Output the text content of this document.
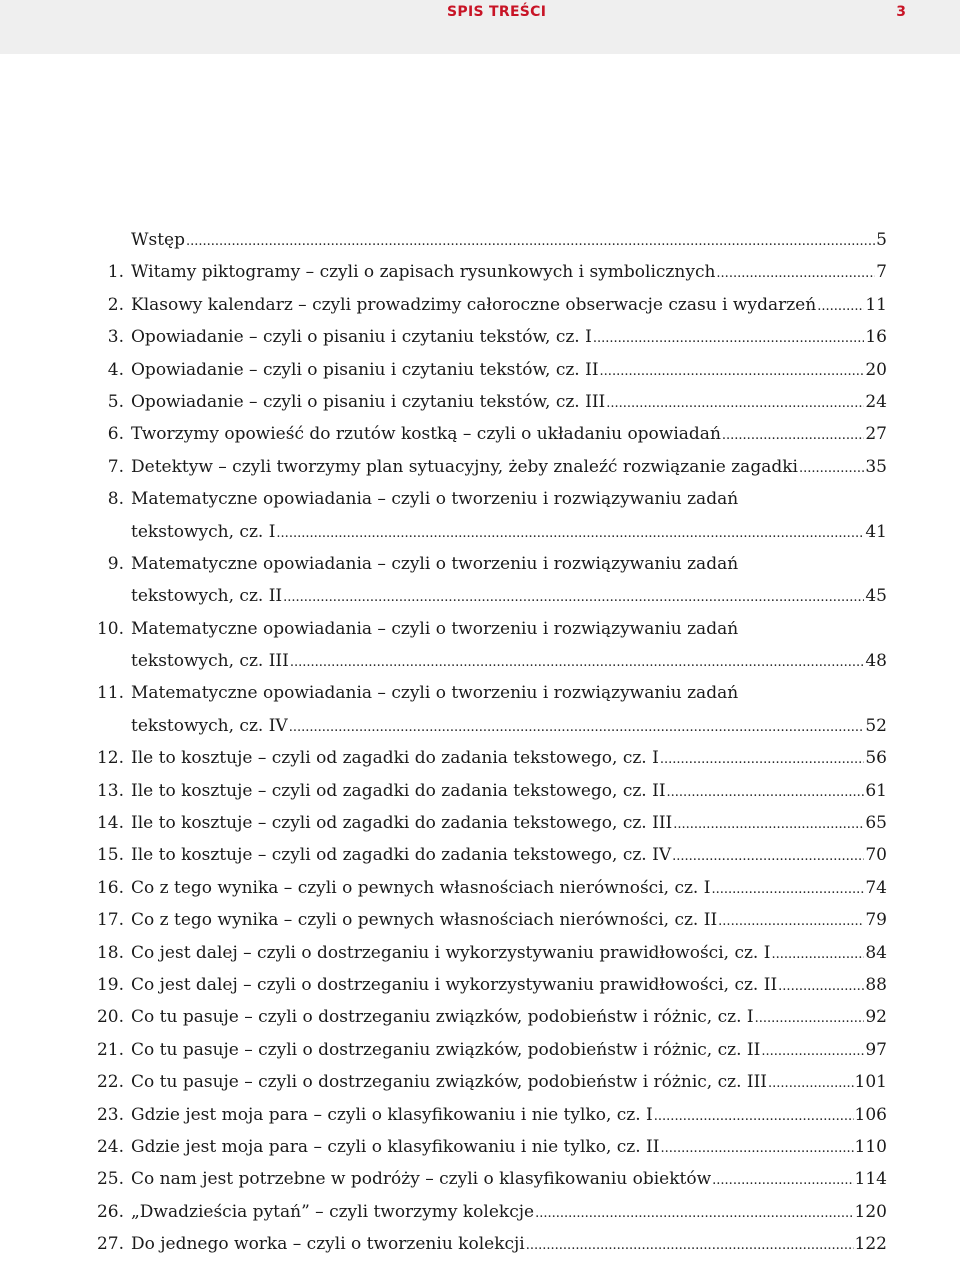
SPIS TREŚCI	3
Wstęp .....	5
1. Witamy piktogramy – czyli o zapisach rysunkowych i symbolicznych .....	7
2. Klasowy kalendarz – czyli prowadzimy całoroczne obserwacje czasu i wydarzeń .....	11
3. Opowiadanie – czyli o pisaniu i czytaniu tekstów, cz. I .....	16
4. Opowiadanie – czyli o pisaniu i czytaniu tekstów, cz. II .....	20
5. Opowiadanie – czyli o pisaniu i czytaniu tekstów, cz. III .....	24
6. Tworzymy opowieść do rzutów kostką – czyli o układaniu opowiadań .....	27
7. Detektyw – czyli tworzymy plan sytuacyjny, żeby znaleźć rozwiązanie zagadki .....	35
8. Matematyczne opowiadania – czyli o tworzeniu i rozwiązywaniu zadań
tekstowych, cz. I .....	41
9. Matematyczne opowiadania – czyli o tworzeniu i rozwiązywaniu zadań
tekstowych, cz. II .....	45
10. Matematyczne opowiadania – czyli o tworzeniu i rozwiązywaniu zadań
tekstowych, cz. III .....	48
11. Matematyczne opowiadania – czyli o tworzeniu i rozwiązywaniu zadań
tekstowych, cz. IV .....	52
12. Ile to kosztuje – czyli od zagadki do zadania tekstowego, cz. I .....	56
13. Ile to kosztuje – czyli od zagadki do zadania tekstowego, cz. II .....	61
14. Ile to kosztuje – czyli od zagadki do zadania tekstowego, cz. III .....	65
15. Ile to kosztuje – czyli od zagadki do zadania tekstowego, cz. IV .....	70
16. Co z tego wynika – czyli o pewnych własnościach nierówności, cz. I .....	74
17. Co z tego wynika – czyli o pewnych własnościach nierówności, cz. II .....	79
18. Co jest dalej – czyli o dostrzeganiu i wykorzystywaniu prawidłowości, cz. I .....	84
19. Co jest dalej – czyli o dostrzeganiu i wykorzystywaniu prawidłowości, cz. II .....	88
20. Co tu pasuje – czyli o dostrzeganiu związków, podobieństw i różnic, cz. I .....	92
21. Co tu pasuje – czyli o dostrzeganiu związków, podobieństw i różnic, cz. II .....	97
22. Co tu pasuje – czyli o dostrzeganiu związków, podobieństw i różnic, cz. III .....	101
23. Gdzie jest moja para – czyli o klasyfikowaniu i nie tylko, cz. I .....	106
24. Gdzie jest moja para – czyli o klasyfikowaniu i nie tylko, cz. II .....	110
25. Co nam jest potrzebne w podróży – czyli o klasyfikowaniu obiektów .....	114
26. „Dwadzieścia pytań” – czyli tworzymy kolekcje .....	120
27. Do jednego worka – czyli o tworzeniu kolekcji .....	122
